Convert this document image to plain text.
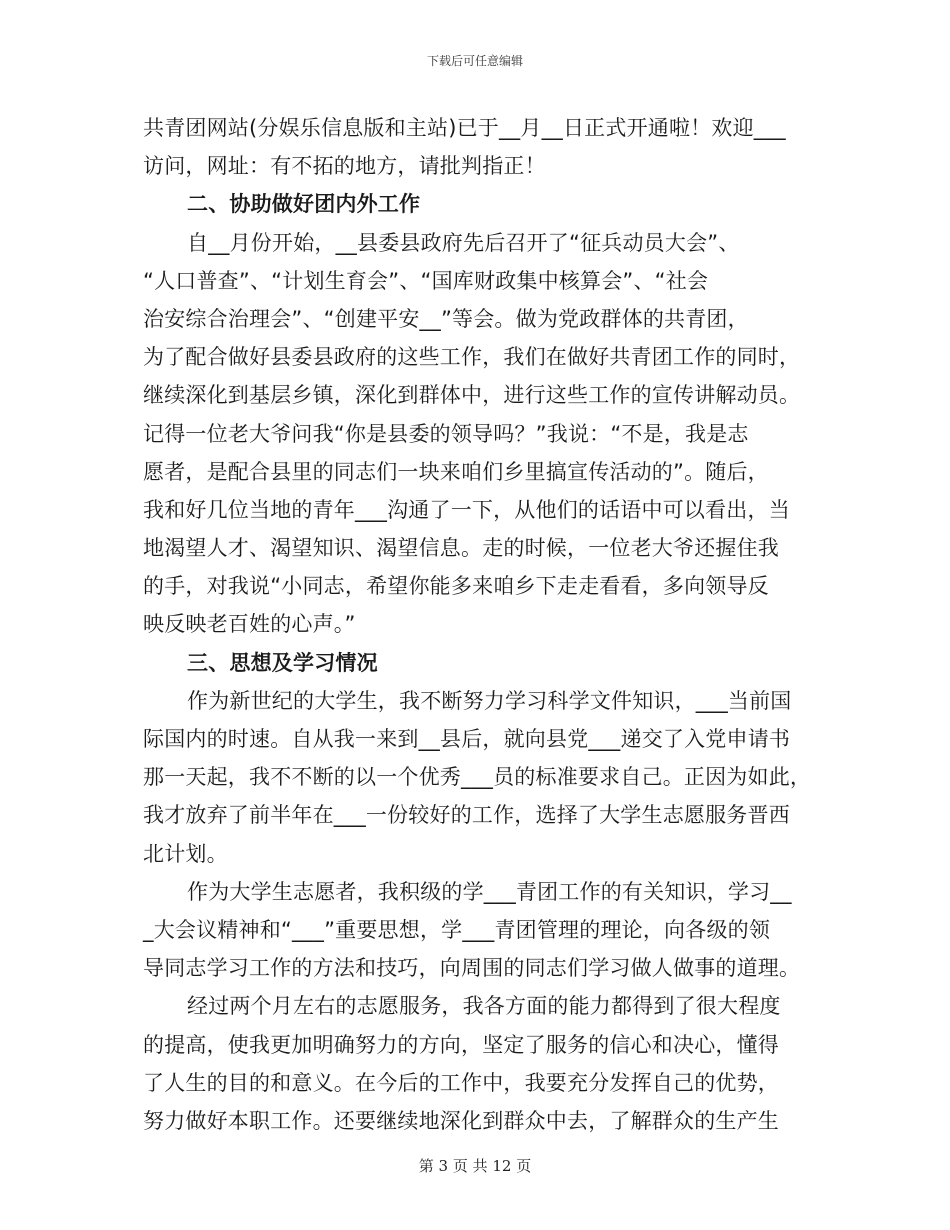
下载后可任意编辑
共青团网站(分娱乐信息版和主站)已于__月__日正式开通啦！欢迎___
访问，网址：有不拓的地方，请批判指正！
二、协助做好团内外工作
自__月份开始，__县委县政府先后召开了“征兵动员大会”、
“人口普查”、“计划生育会”、“国库财政集中核算会”、“社会
治安综合治理会”、“创建平安__”等会。做为党政群体的共青团，
为了配合做好县委县政府的这些工作，我们在做好共青团工作的同时，
继续深化到基层乡镇，深化到群体中，进行这些工作的宣传讲解动员。
记得一位老大爷问我“你是县委的领导吗？”我说：“不是，我是志
愿者，是配合县里的同志们一块来咱们乡里搞宣传活动的”。随后，
我和好几位当地的青年___沟通了一下，从他们的话语中可以看出，当
地渴望人才、渴望知识、渴望信息。走的时候，一位老大爷还握住我
的手，对我说“小同志，希望你能多来咱乡下走走看看，多向领导反
映反映老百姓的心声。”
三、思想及学习情况
作为新世纪的大学生，我不断努力学习科学文件知识，___当前国
际国内的时速。自从我一来到__县后，就向县党___递交了入党申请书
那一天起，我不不断的以一个优秀___员的标准要求自己。正因为如此，
我才放弃了前半年在___一份较好的工作，选择了大学生志愿服务晋西
北计划。
作为大学生志愿者，我积级的学___青团工作的有关知识，学习__
_大会议精神和“___”重要思想，学___青团管理的理论，向各级的领
导同志学习工作的方法和技巧，向周围的同志们学习做人做事的道理。
经过两个月左右的志愿服务，我各方面的能力都得到了很大程度
的提高，使我更加明确努力的方向，坚定了服务的信心和决心，懂得
了人生的目的和意义。在今后的工作中，我要充分发挥自己的优势，
努力做好本职工作。还要继续地深化到群众中去，了解群众的生产生
第 3 页 共 12 页
